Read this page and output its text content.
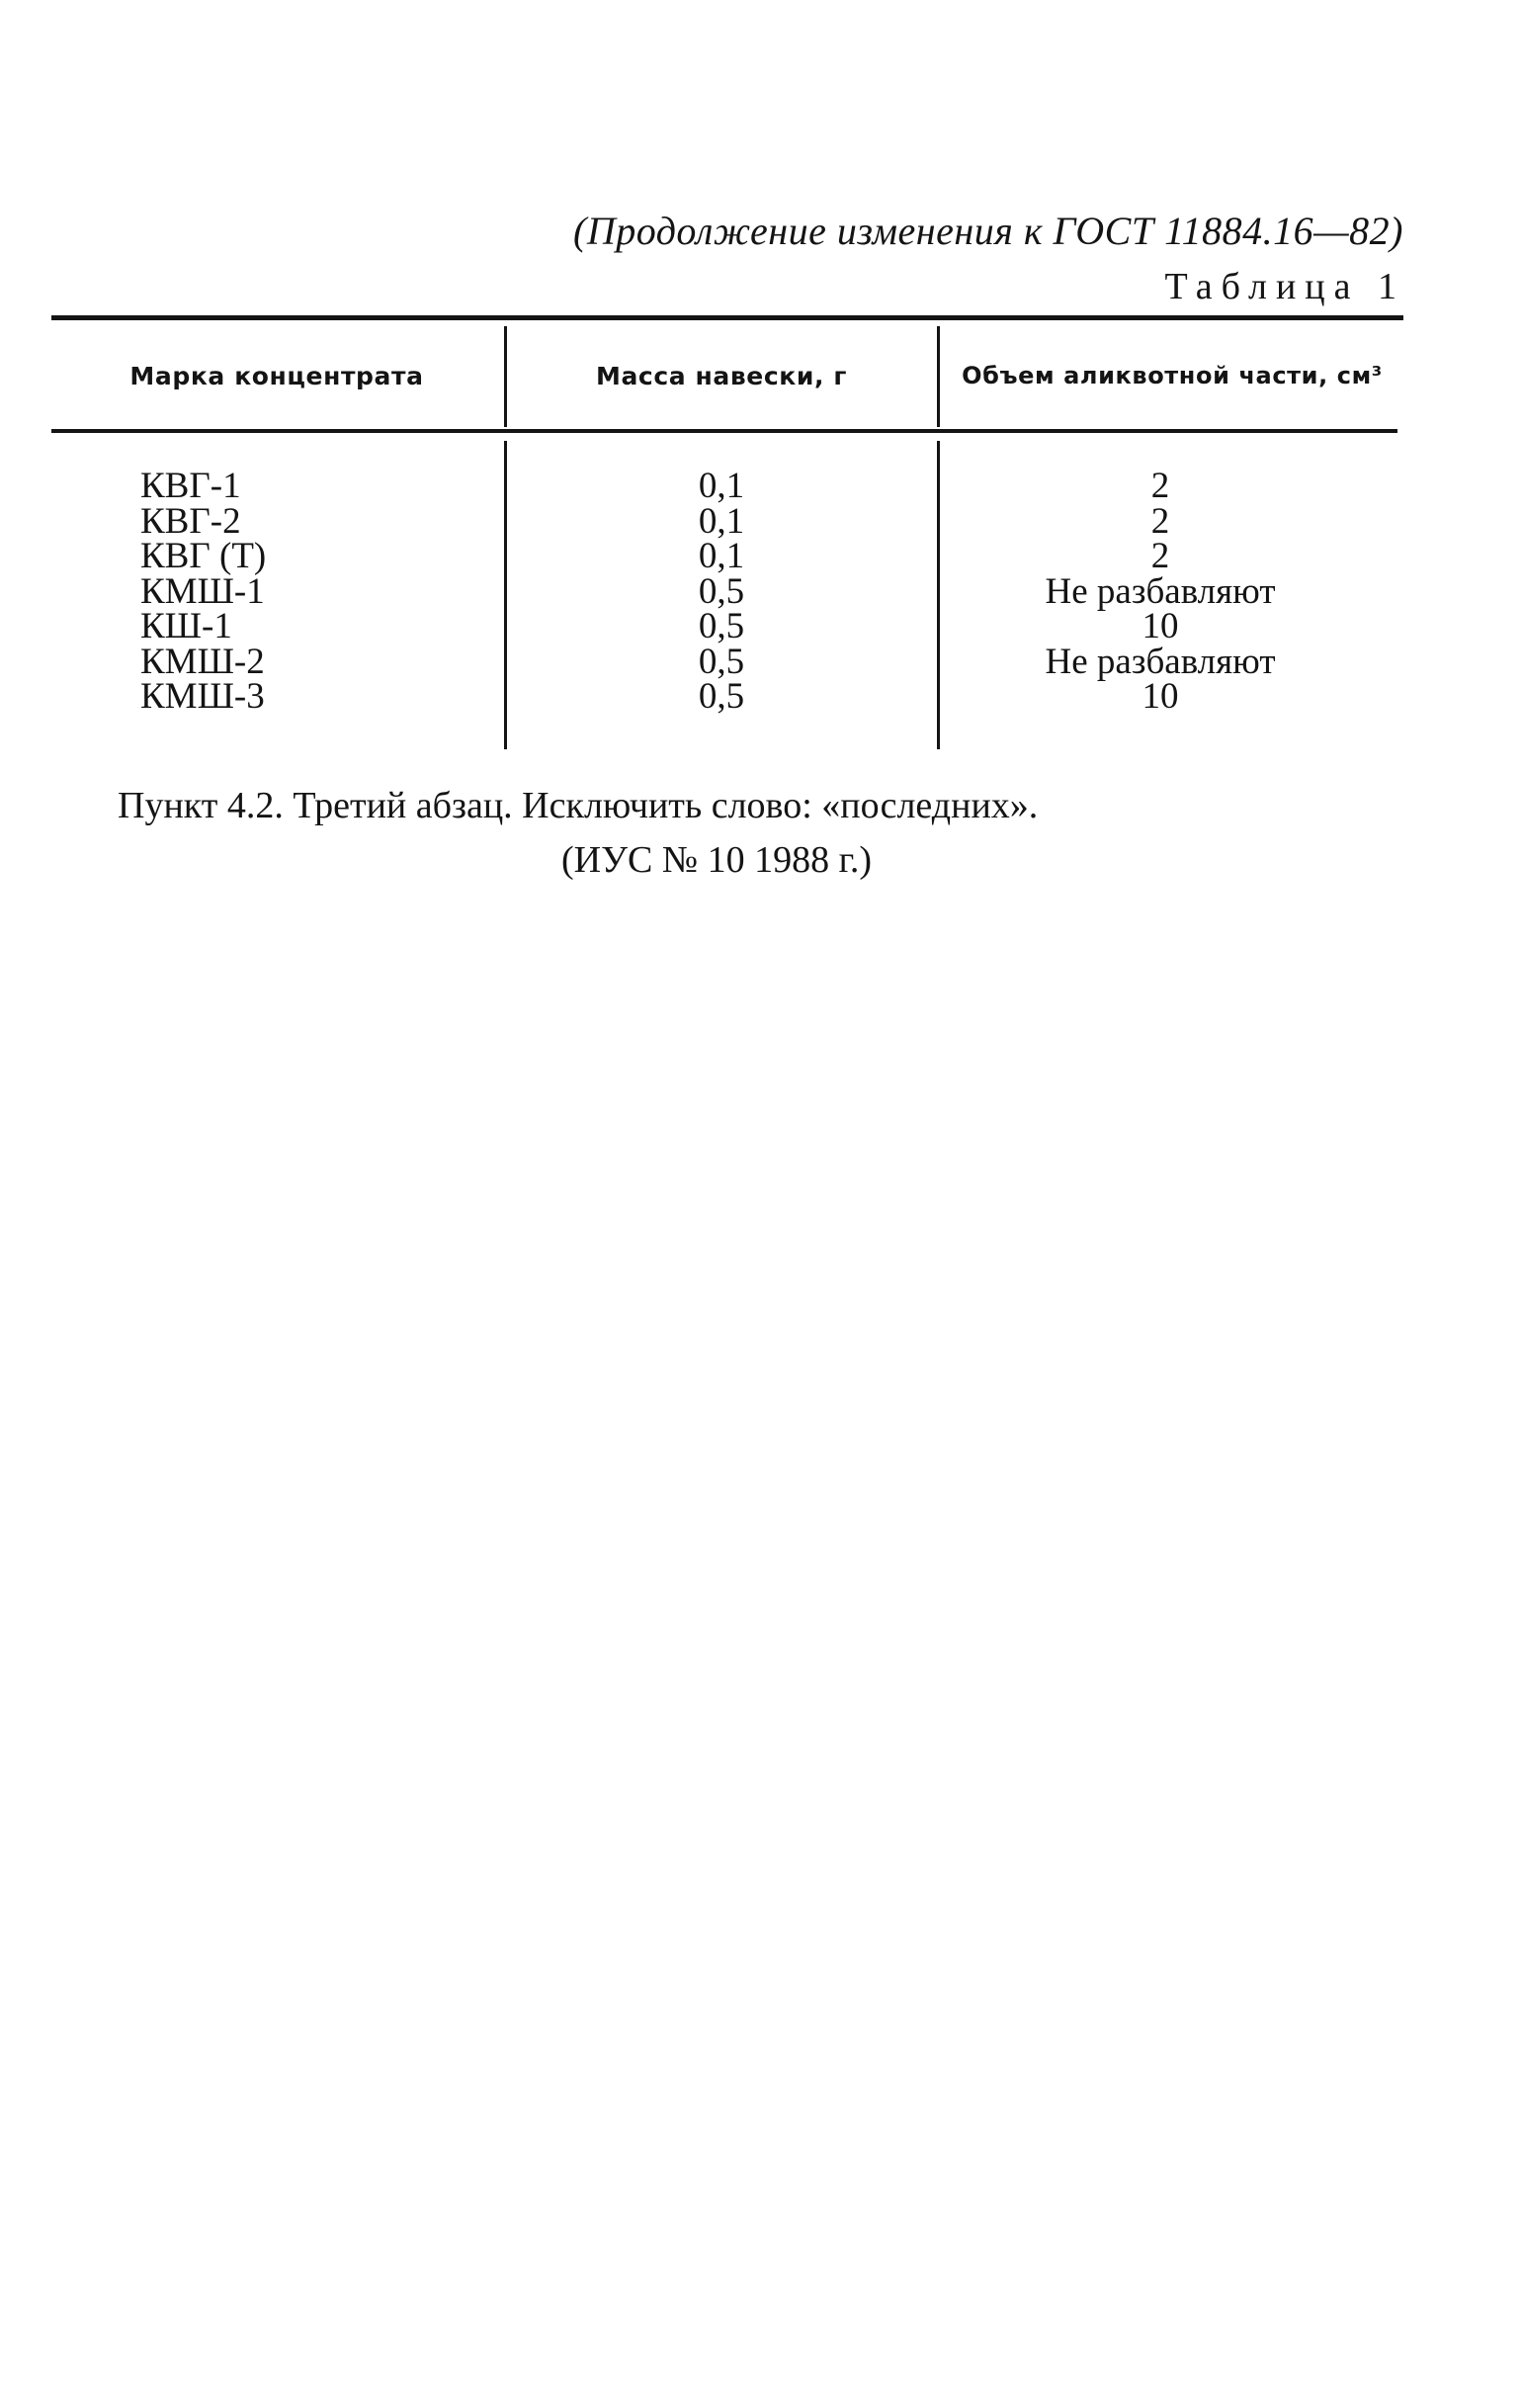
(Продолжение изменения к ГОСТ 11884.16—82)
Таблица 1
Марка концентрата	Масса навески, г	Объем аликвотной части, см³
КВГ-1	0,1	2
КВГ-2	0,1	2
КВГ (Т)	0,1	2
КМШ-1	0,5	Не разбавляют
КШ-1	0,5	10
КМШ-2	0,5	Не разбавляют
КМШ-3	0,5	10
Пункт 4.2. Третий абзац. Исключить слово: «последних».
(ИУС № 10 1988 г.)
